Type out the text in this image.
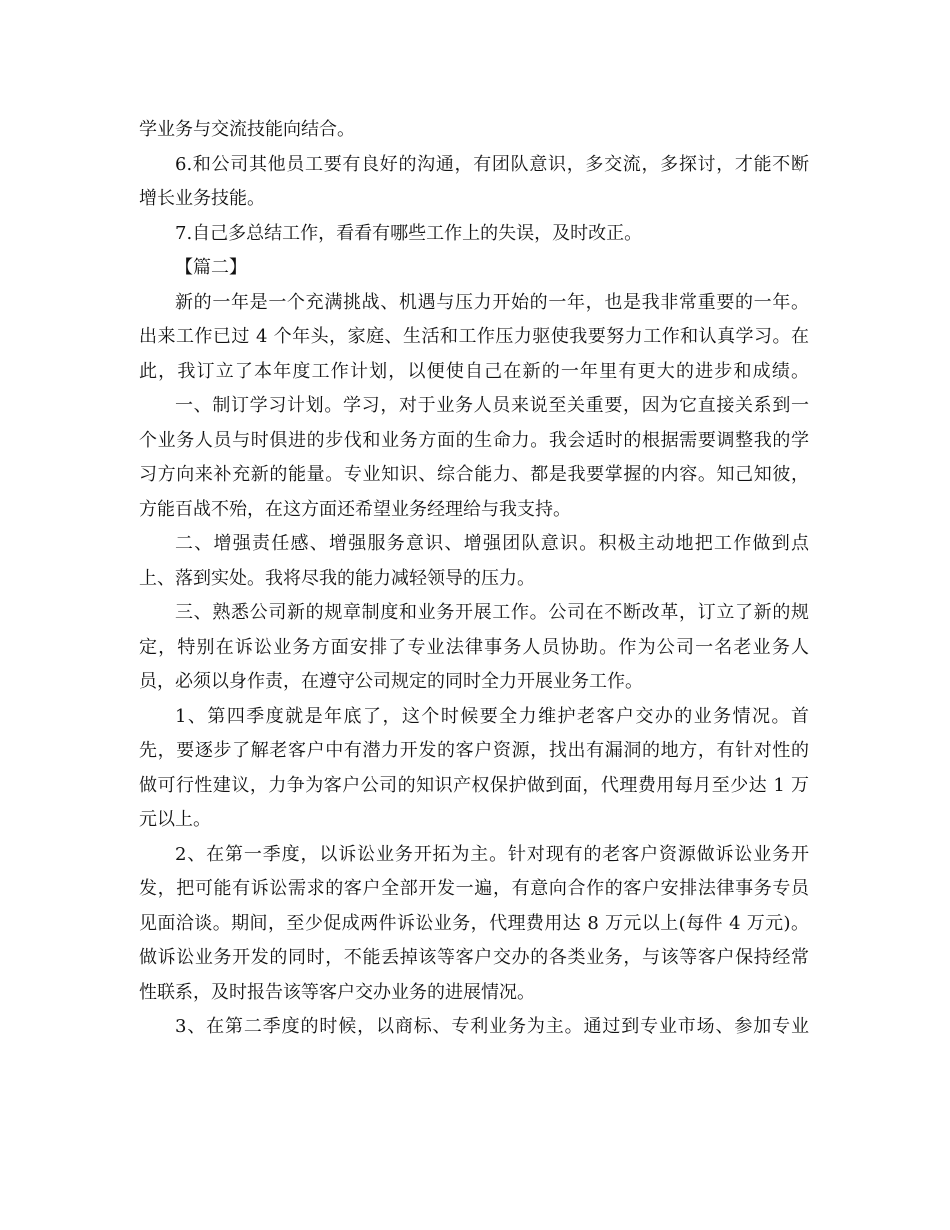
学业务与交流技能向结合。
6.和公司其他员工要有良好的沟通，有团队意识，多交流，多探讨，才能不断
增长业务技能。
7.自己多总结工作，看看有哪些工作上的失误，及时改正。
【篇二】
新的一年是一个充满挑战、机遇与压力开始的一年，也是我非常重要的一年。
出来工作已过 4 个年头，家庭、生活和工作压力驱使我要努力工作和认真学习。在
此，我订立了本年度工作计划，以便使自己在新的一年里有更大的进步和成绩。
一、制订学习计划。学习，对于业务人员来说至关重要，因为它直接关系到一
个业务人员与时俱进的步伐和业务方面的生命力。我会适时的根据需要调整我的学
习方向来补充新的能量。专业知识、综合能力、都是我要掌握的内容。知己知彼，
方能百战不殆，在这方面还希望业务经理给与我支持。
二、增强责任感、增强服务意识、增强团队意识。积极主动地把工作做到点
上、落到实处。我将尽我的能力减轻领导的压力。
三、熟悉公司新的规章制度和业务开展工作。公司在不断改革，订立了新的规
定，特别在诉讼业务方面安排了专业法律事务人员协助。作为公司一名老业务人
员，必须以身作责，在遵守公司规定的同时全力开展业务工作。
1、第四季度就是年底了，这个时候要全力维护老客户交办的业务情况。首
先，要逐步了解老客户中有潜力开发的客户资源，找出有漏洞的地方，有针对性的
做可行性建议，力争为客户公司的知识产权保护做到面，代理费用每月至少达 1 万
元以上。
2、在第一季度，以诉讼业务开拓为主。针对现有的老客户资源做诉讼业务开
发，把可能有诉讼需求的客户全部开发一遍，有意向合作的客户安排法律事务专员
见面洽谈。期间，至少促成两件诉讼业务，代理费用达 8 万元以上(每件 4 万元)。
做诉讼业务开发的同时，不能丢掉该等客户交办的各类业务，与该等客户保持经常
性联系，及时报告该等客户交办业务的进展情况。
3、在第二季度的时候，以商标、专利业务为主。通过到专业市场、参加专业
